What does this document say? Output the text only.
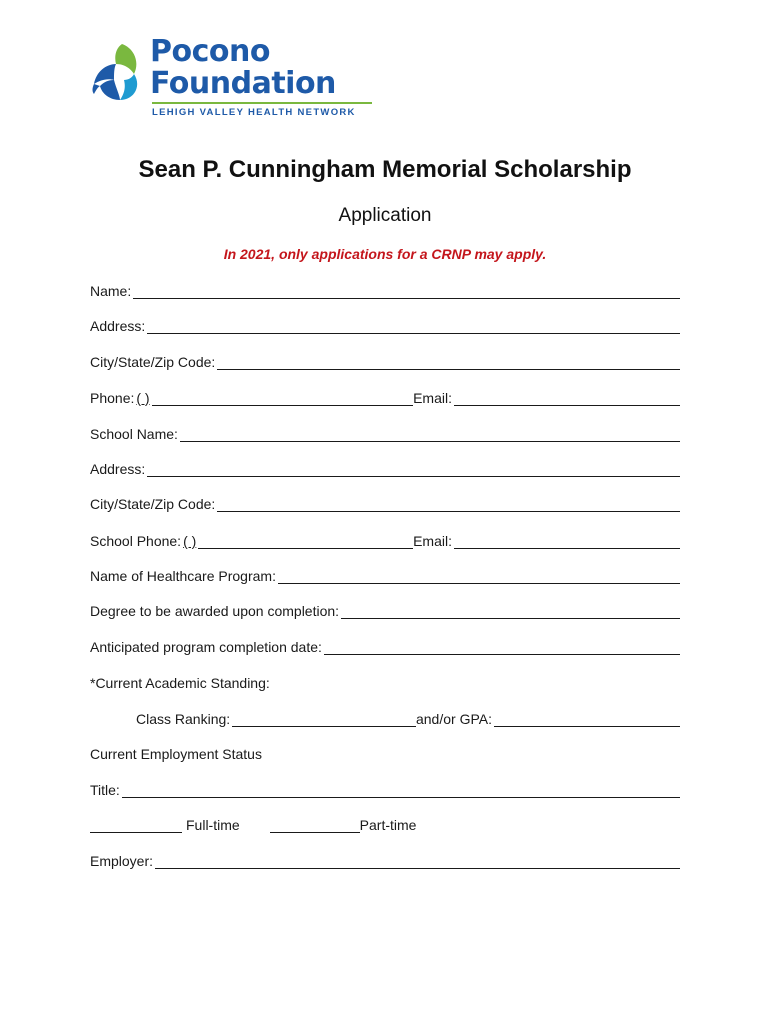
Pocono
Foundation
LEHIGH VALLEY HEALTH NETWORK
Sean P. Cunningham Memorial Scholarship
Application
In 2021, only applications for a CRNP may apply.
Name:
Address:
City/State/Zip Code:
Phone: ( )	Email:
School Name:
Address:
City/State/Zip Code:
School Phone: ( )	Email:
Name of Healthcare Program:
Degree to be awarded upon completion:
Anticipated program completion date:
*Current Academic Standing:
Class Ranking:	and/or GPA:
Current Employment Status
Title:
Full-time	Part-time
Employer:
